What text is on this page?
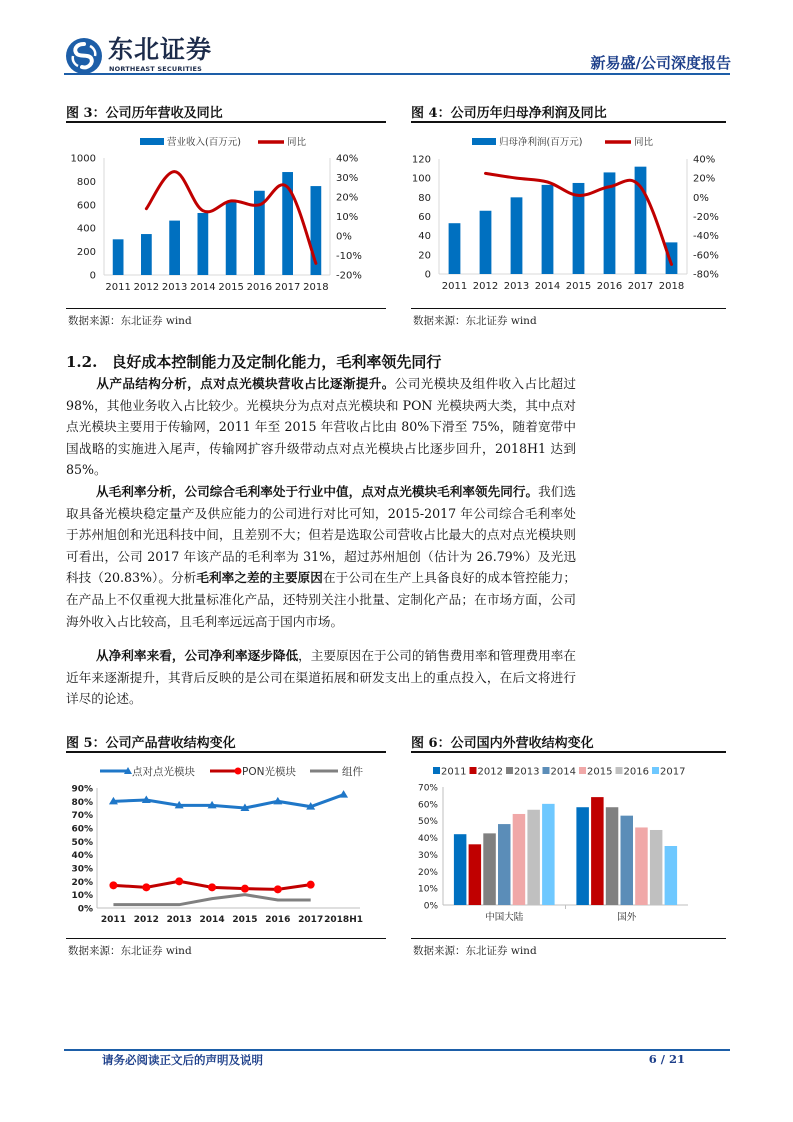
东北证券
NORTHEAST SECURITIES	新易盛/公司深度报告
图 3：公司历年营收及同比
营业收入(百万元)	同比
0
200
400
600
800
1000
-20%
-10%
0%
10%
20%
30%
40%
2011 2012 2013 2014 2015 2016 2017 2018
数据来源：东北证券 wind
图 4：公司历年归母净利润及同比
归母净利润(百万元)	同比
0
20
40
60
80
100
120
-80%
-60%
-40%
-20%
0%
20%
40%
2011 2012 2013 2014 2015 2016 2017 2018
数据来源：东北证券 wind
1.2. 良好成本控制能力及定制化能力，毛利率领先同行
从产品结构分析，点对点光模块营收占比逐渐提升。公司光模块及组件收入占比超过 98%，其他业务收入占比较少。光模块分为点对点光模块和 PON 光模块两大类，其中点对点光模块主要用于传输网，2011 年至 2015 年营收占比由 80%下滑至 75%，随着宽带中国战略的实施进入尾声，传输网扩容升级带动点对点光模块占比逐步回升，2018H1 达到 85%。
从毛利率分析，公司综合毛利率处于行业中值，点对点光模块毛利率领先同行。我们选取具备光模块稳定量产及供应能力的公司进行对比可知，2015-2017 年公司综合毛利率处于苏州旭创和光迅科技中间，且差别不大；但若是选取公司营收占比最大的点对点光模块则可看出，公司 2017 年该产品的毛利率为 31%，超过苏州旭创（估计为 26.79%）及光迅科技（20.83%）。分析毛利率之差的主要原因在于公司在生产上具备良好的成本管控能力；在产品上不仅重视大批量标准化产品，还特别关注小批量、定制化产品；在市场方面，公司海外收入占比较高，且毛利率远远高于国内市场。
从净利率来看，公司净利率逐步降低，主要原因在于公司的销售费用率和管理费用率在近年来逐渐提升，其背后反映的是公司在渠道拓展和研发支出上的重点投入，在后文将进行详尽的论述。
图 5：公司产品营收结构变化
点对点光模块	PON光模块	组件
0%
10%
20%
30%
40%
50%
60%
70%
80%
90%
2011 2012 2013 2014 2015 2016 2017 2018H1
数据来源：东北证券 wind
图 6：公司国内外营收结构变化
2011 2012 2013 2014 2015 2016 2017
0%
10%
20%
30%
40%
50%
60%
70%
中国大陆	国外
数据来源：东北证券 wind
请务必阅读正文后的声明及说明	6 / 21
